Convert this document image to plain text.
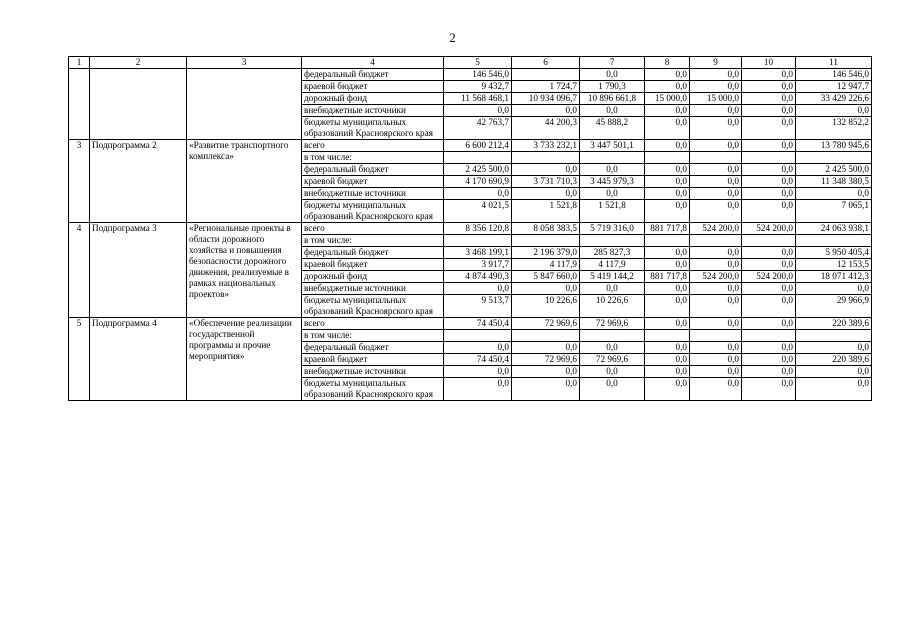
2
1	2	3	4	5	6	7	8	9	10	11
			федеральный бюджет	146 546,0		0,0	0,0	0,0	0,0	146 546,0
			краевой бюджет	9 432,7	1 724,7	1 790,3	0,0	0,0	0,0	12 947,7
			дорожный фонд	11 568 468,1	10 934 096,7	10 896 661,8	15 000,0	15 000,0	0,0	33 429 226,6
			внебюджетные источники	0,0	0,0	0,0	0,0	0,0	0,0	0,0
			бюджеты муниципальных образований Красноярского края	42 763,7	44 200,3	45 888,2	0,0	0,0	0,0	132 852,2
3	Подпрограмма 2	«Развитие транспортного комплекса»	всего	6 600 212,4	3 733 232,1	3 447 501,1	0,0	0,0	0,0	13 780 945,6
			в том числе:							
			федеральный бюджет	2 425 500,0	0,0	0,0	0,0	0,0	0,0	2 425 500,0
			краевой бюджет	4 170 690,9	3 731 710,3	3 445 979,3	0,0	0,0	0,0	11 348 380,5
			внебюджетные источники	0,0	0,0	0,0	0,0	0,0	0,0	0,0
			бюджеты муниципальных образований Красноярского края	4 021,5	1 521,8	1 521,8	0,0	0,0	0,0	7 065,1
4	Подпрограмма 3	«Региональные проекты в области дорожного хозяйства и повышения безопасности дорожного движения, реализуемые в рамках национальных проектов»	всего	8 356 120,8	8 058 383,5	5 719 316,0	881 717,8	524 200,0	524 200,0	24 063 938,1
			в том числе:							
			федеральный бюджет	3 468 199,1	2 196 379,0	285 827,3	0,0	0,0	0,0	5 950 405,4
			краевой бюджет	3 917,7	4 117,9	4 117,9	0,0	0,0	0,0	12 153,5
			дорожный фонд	4 874 490,3	5 847 660,0	5 419 144,2	881 717,8	524 200,0	524 200,0	18 071 412,3
			внебюджетные источники	0,0	0,0	0,0	0,0	0,0	0,0	0,0
			бюджеты муниципальных образований Красноярского края	9 513,7	10 226,6	10 226,6	0,0	0,0	0,0	29 966,9
5	Подпрограмма 4	«Обеспечение реализации государственной программы и прочие мероприятия»	всего	74 450,4	72 969,6	72 969,6	0,0	0,0	0,0	220 389,6
			в том числе:							
			федеральный бюджет	0,0	0,0	0,0	0,0	0,0	0,0	0,0
			краевой бюджет	74 450,4	72 969,6	72 969,6	0,0	0,0	0,0	220 389,6
			внебюджетные источники	0,0	0,0	0,0	0,0	0,0	0,0	0,0
			бюджеты муниципальных образований Красноярского края	0,0	0,0	0,0	0,0	0,0	0,0	0,0
